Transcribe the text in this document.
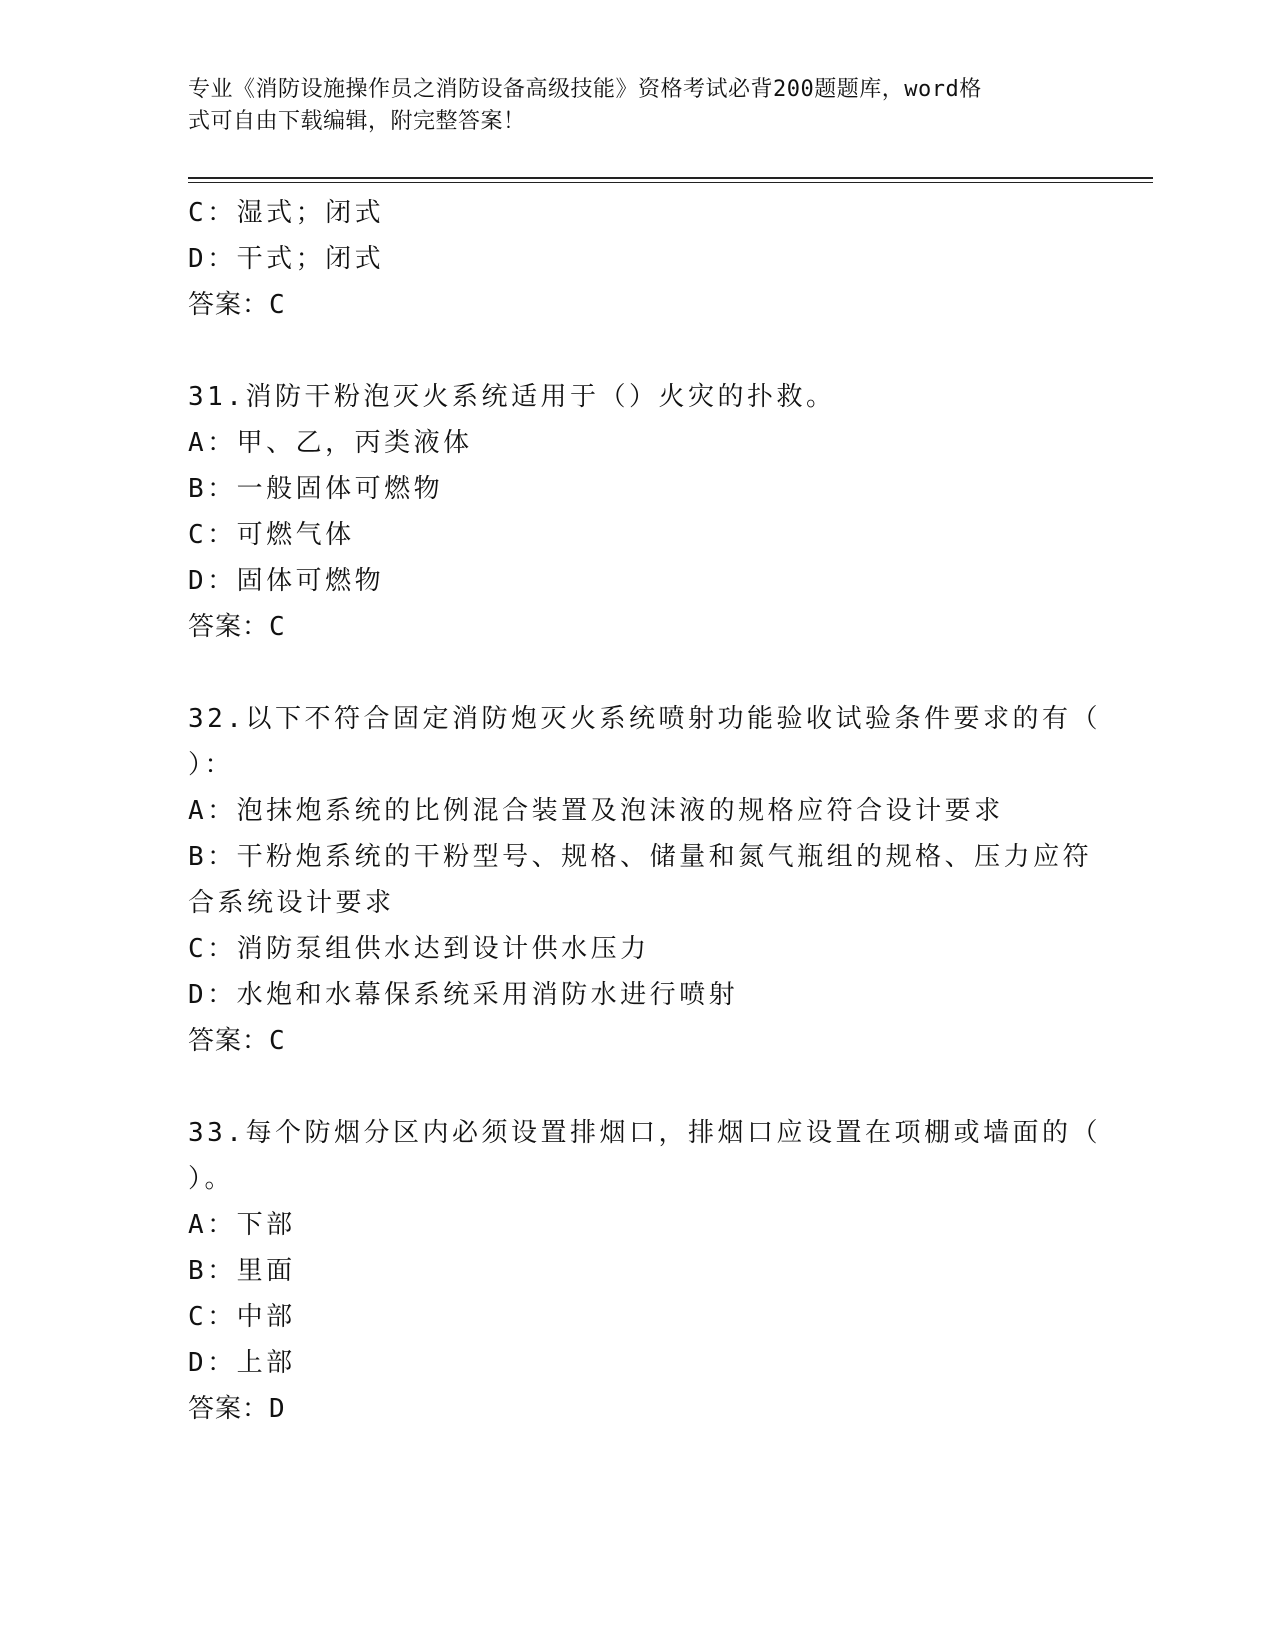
专业《消防设施操作员之消防设备高级技能》资格考试必背200题题库，word格
式可自由下载编辑，附完整答案！
C：湿式；闭式
D：干式；闭式
答案：C
31.消防干粉泡灭火系统适用于（）火灾的扑救。
A：甲、乙，丙类液体
B：一般固体可燃物
C：可燃气体
D：固体可燃物
答案：C
32.以下不符合固定消防炮灭火系统喷射功能验收试验条件要求的有（
）：
A：泡抹炮系统的比例混合装置及泡沫液的规格应符合设计要求
B：干粉炮系统的干粉型号、规格、储量和氮气瓶组的规格、压力应符
合系统设计要求
C：消防泵组供水达到设计供水压力
D：水炮和水幕保系统采用消防水进行喷射
答案：C
33.每个防烟分区内必须设置排烟口，排烟口应设置在项棚或墙面的（
）。
A：下部
B：里面
C：中部
D：上部
答案：D
